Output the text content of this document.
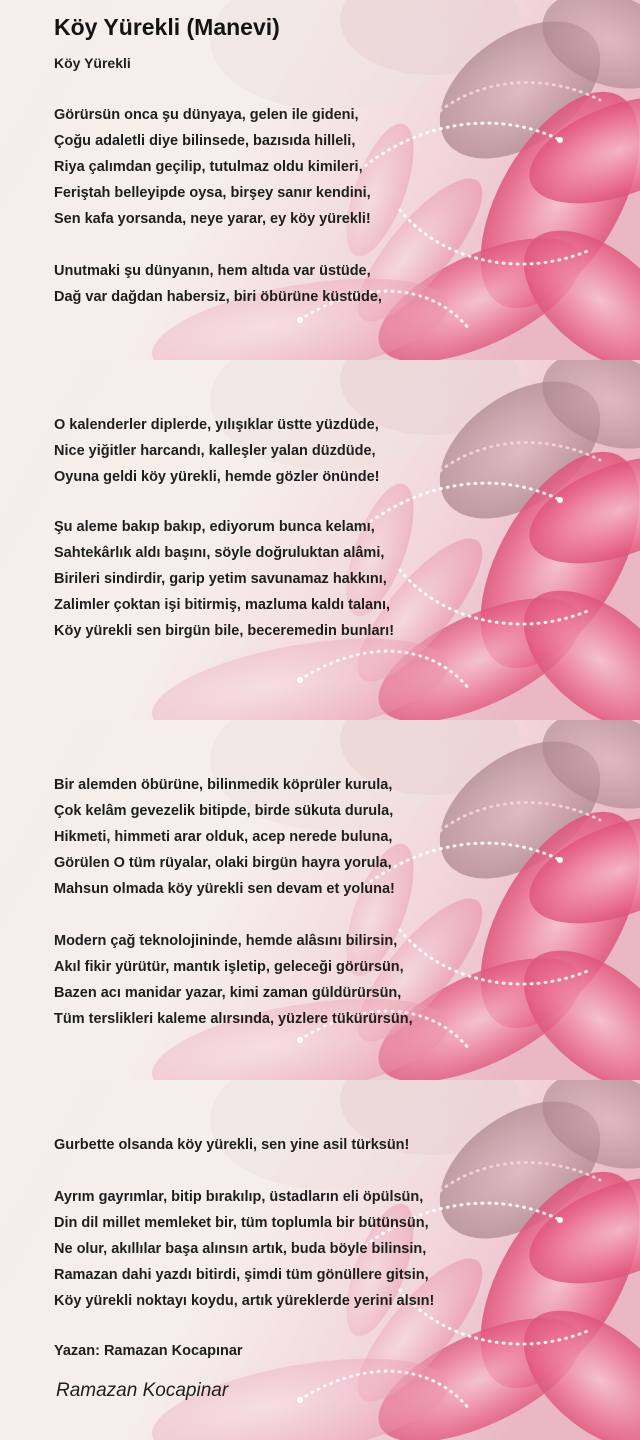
Köy Yürekli (Manevi)
Köy Yürekli
Görürsün onca şu dünyaya, gelen ile gideni,
Çoğu adaletli diye bilinsede, bazısıda hilleli,
Riya çalımdan geçilip, tutulmaz oldu kimileri,
Feriştah belleyipde oysa, birşey sanır kendini,
Sen kafa yorsanda, neye yarar, ey köy yürekli!
Unutmaki şu dünyanın, hem altıda var üstüde,
Dağ var dağdan habersiz, biri öbürüne küstüde,
O kalenderler diplerde, yılışıklar üstte yüzdüde,
Nice yiğitler harcandı, kalleşler yalan düzdüde,
Oyuna geldi köy yürekli, hemde gözler önünde!
Şu aleme bakıp bakıp, ediyorum bunca kelamı,
Sahtekârlık aldı başını, söyle doğruluktan alâmi,
Birileri sindirdir, garip yetim savunamaz hakkını,
Zalimler çoktan işi bitirmiş, mazluma kaldı talanı,
Köy yürekli sen birgün bile, beceremedin bunları!
Bir alemden öbürüne, bilinmedik köprüler kurula,
Çok kelâm gevezelik bitipde, birde sükuta durula,
Hikmeti, himmeti arar olduk, acep nerede buluna,
Görülen O tüm rüyalar, olaki birgün hayra yorula,
Mahsun olmada köy yürekli sen devam et yoluna!
Modern çağ teknolojininde, hemde alâsını bilirsin,
Akıl fikir yürütür, mantık işletip, geleceği görürsün,
Bazen acı manidar yazar, kimi zaman güldürürsün,
Tüm terslikleri kaleme alırsında, yüzlere tükürürsün,
Gurbette olsanda köy yürekli, sen yine asil türksün!
Ayrım gayrımlar, bitip bırakılıp, üstadların eli öpülsün,
Din dil millet memleket bir, tüm toplumla bir bütünsün,
Ne olur, akıllılar başa alınsın artık, buda böyle bilinsin,
Ramazan dahi yazdı bitirdi, şimdi tüm gönüllere gitsin,
Köy yürekli noktayı koydu, artık yüreklerde yerini alsın!
Yazan: Ramazan Kocapınar
Ramazan Kocapinar
